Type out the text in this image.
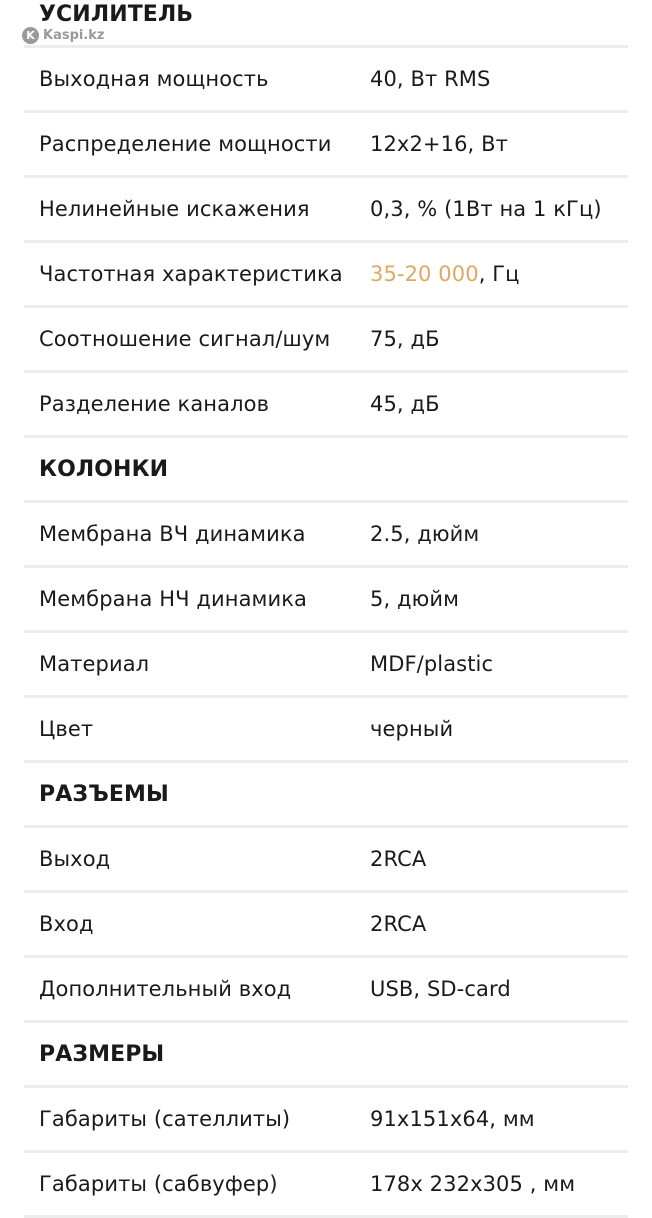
K Kaspi.kz
УСИЛИТЕЛЬ
Выходная мощность	40, Вт RMS
Распределение мощности	12x2+16, Вт
Нелинейные искажения	0,3, % (1Вт на 1 кГц)
Частотная характеристика	35-20 000, Гц
Соотношение сигнал/шум	75, дБ
Разделение каналов	45, дБ
КОЛОНКИ
Мембрана ВЧ динамика	2.5, дюйм
Мембрана НЧ динамика	5, дюйм
Материал	MDF/plastic
Цвет	черный
РАЗЪЕМЫ
Выход	2RCA
Вход	2RCA
Дополнительный вход	USB, SD-card
РАЗМЕРЫ
Габариты (сателлиты)	91x151x64, мм
Габариты (сабвуфер)	178x 232x305 , мм
